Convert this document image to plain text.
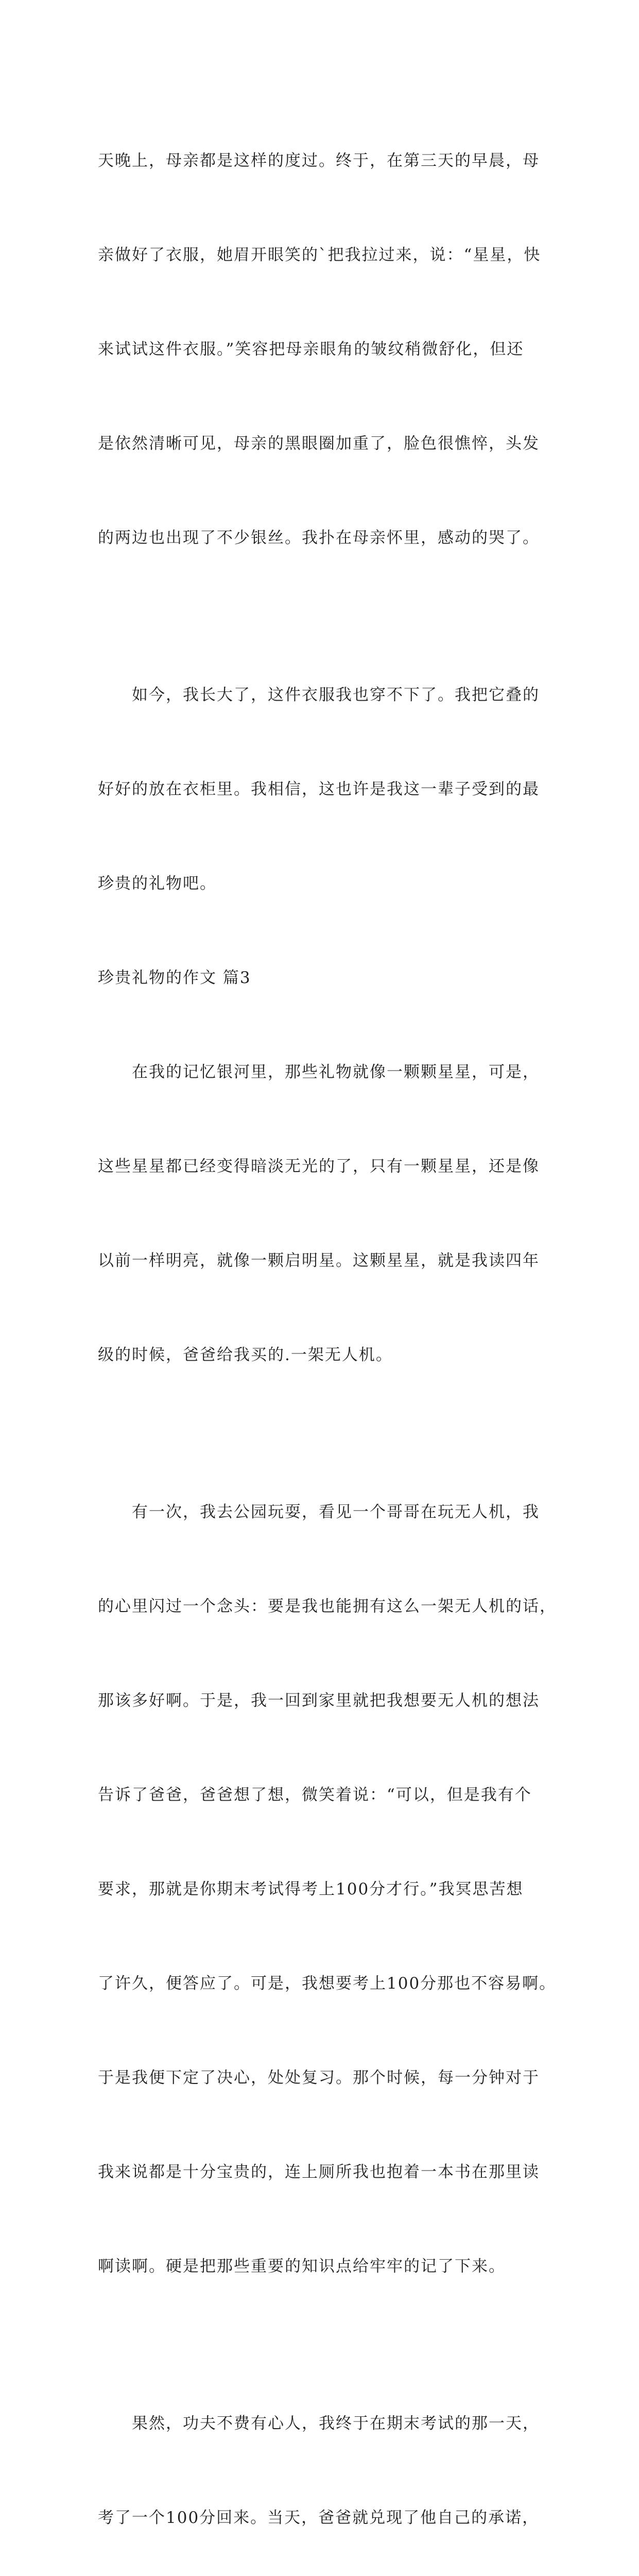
天晚上，母亲都是这样的度过。终于，在第三天的早晨，母

亲做好了衣服，她眉开眼笑的`把我拉过来，说：“星星，快

来试试这件衣服。”笑容把母亲眼角的皱纹稍微舒化，但还

是依然清晰可见，母亲的黑眼圈加重了，脸色很憔悴，头发

的两边也出现了不少银丝。我扑在母亲怀里，感动的哭了。

　　如今，我长大了，这件衣服我也穿不下了。我把它叠的

好好的放在衣柜里。我相信，这也许是我这一辈子受到的最

珍贵的礼物吧。

珍贵礼物的作文 篇3

　　在我的记忆银河里，那些礼物就像一颗颗星星，可是，

这些星星都已经变得暗淡无光的了，只有一颗星星，还是像

以前一样明亮，就像一颗启明星。这颗星星，就是我读四年

级的时候，爸爸给我买的.一架无人机。

　　有一次，我去公园玩耍，看见一个哥哥在玩无人机，我

的心里闪过一个念头：要是我也能拥有这么一架无人机的话，

那该多好啊。于是，我一回到家里就把我想要无人机的想法

告诉了爸爸，爸爸想了想，微笑着说：“可以，但是我有个

要求，那就是你期末考试得考上100分才行。”我冥思苦想

了许久，便答应了。可是，我想要考上100分那也不容易啊。

于是我便下定了决心，处处复习。那个时候，每一分钟对于

我来说都是十分宝贵的，连上厕所我也抱着一本书在那里读

啊读啊。硬是把那些重要的知识点给牢牢的记了下来。

　　果然，功夫不费有心人，我终于在期末考试的那一天，

考了一个100分回来。当天，爸爸就兑现了他自己的承诺，
